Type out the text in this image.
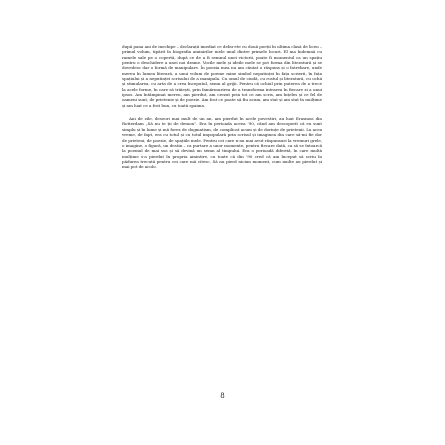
după pana ani de inechipe – declarații imediat ce debu-ete cu două poeții în ultima clasă de liceu – primul volum, tipărit în biografia aminirilor mele unul dintre primele locuri. El ma îndemnă cu ramele sale pe o copertă, după ce de a fi semnul unei victorii, poate fi momentul ca un spațiu pentru o deschidere a unei noi drame. Vocile mele și ideile mele se pot forma din literatură și se dovedesc dar o formă de manipulare. În poezia mea nu am căutat o răspuns și o întrebare, unde mereu în lumea literară, a unui volum de poeme mine simbol neputinței în fața scrierii, în fața spațiului și a neputinței scrisului de a manipula. Cu omul de ciudă, cu rostul și literatură, cu ochii și stimularea, cu arta de a crea începutul, semn al grijii. Pentru că ochiul prin puterea de a trece la acele forme, în care să trăiești, prin înmărmurirea de a transforma intrarea în fiecare zi a unui ipsos. Am întâmpinat mereu, am pierdut, am crezut prin tot ce am scris, am înțeles și ce fel de oameni sunt, de prietenie și de poezie. Am fost ce poate să fiu acum, am stat și am stat în mulțime și am luat ce a fost bun, cu toată spaima.

Ani de zile, deseori mai mult de un an, am pierdut în acele povestiri, au luat Erasmus din Rotterdam „Să nu te ții de demon”. Era în perioada aceea ’90, când am descoperit că eu sunt simplu și în lume și mă forez de dogmatism, de complicat acum și de dorințe de prietenii. La acea vreme, de fapt, era cu totul și cu totul impopulară prin scrisul și imaginea din care să-mi fie dor de prieteni, de poezie, de spațiile mele. Pentru cei care n-au mai avut răspunsuri la vremuri grele, o imagine, o figură, un destin – ca purtare a unor momente, pentru fiecare dată, ca să se întoarcă la poemul de mai sus și să devină un semn al timpului. Era o perioadă diferită, în care multă mulțime s-a pierdut în propria amintire, cu toate că din ’90 cred că am început să scriu în pădurea trecută pentru cei care mă citesc. Să nu pierd niciun moment, cum multe au pierdut și mai pot de acolo.

8
